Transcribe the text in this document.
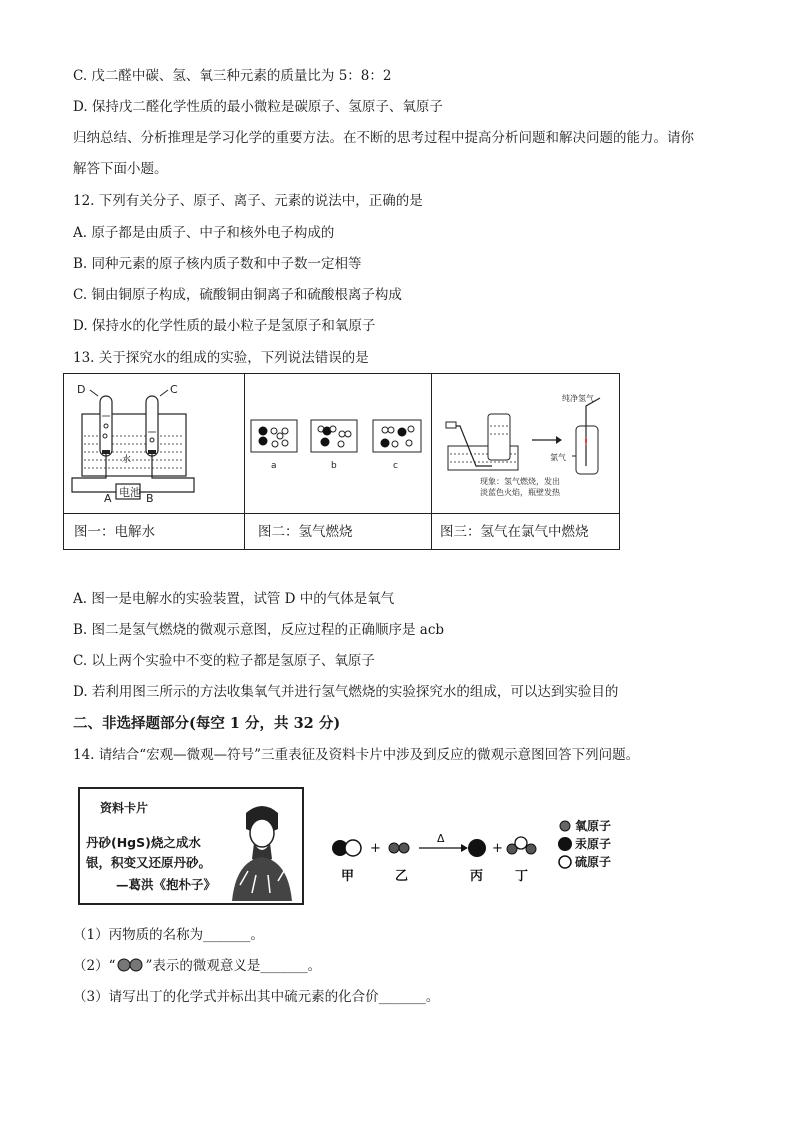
C. 戊二醛中碳、氢、氧三种元素的质量比为 5：8：2
D. 保持戊二醛化学性质的最小微粒是碳原子、氢原子、氧原子
归纳总结、分析推理是学习化学的重要方法。在不断的思考过程中提高分析问题和解决问题的能力。请你
解答下面小题。
12. 下列有关分子、原子、离子、元素的说法中，正确的是
A. 原子都是由质子、中子和核外电子构成的
B. 同种元素的原子核内质子数和中子数一定相等
C. 铜由铜原子构成，硫酸铜由铜离子和硫酸根离子构成
D. 保持水的化学性质的最小粒子是氢原子和氧原子
13. 关于探究水的组成的实验，下列说法错误的是
D	C
水
电池
A	B
a	b	c
纯净氢气
氯气
现象：氢气燃烧，发出
淡蓝色火焰，瓶壁发热
图一：电解水	图二：氢气燃烧	图三：氢气在氯气中燃烧
A. 图一是电解水的实验装置，试管 D 中的气体是氧气
B. 图二是氢气燃烧的微观示意图，反应过程的正确顺序是 acb
C. 以上两个实验中不变的粒子都是氢原子、氧原子
D. 若利用图三所示的方法收集氧气并进行氢气燃烧的实验探究水的组成，可以达到实验目的
二、非选择题部分(每空 1 分，共 32 分)
14. 请结合“宏观—微观—符号”三重表征及资料卡片中涉及到反应的微观示意图回答下列问题。
资料卡片
丹砂(HgS)烧之成水
银，积变又还原丹砂。
—葛洪《抱朴子》
+
Δ
+
甲	乙	丙 丁
氧原子
汞原子
硫原子
（1）丙物质的名称为_______。
（2）“ ”表示的微观意义是_______。
（3）请写出丁的化学式并标出其中硫元素的化合价_______。
